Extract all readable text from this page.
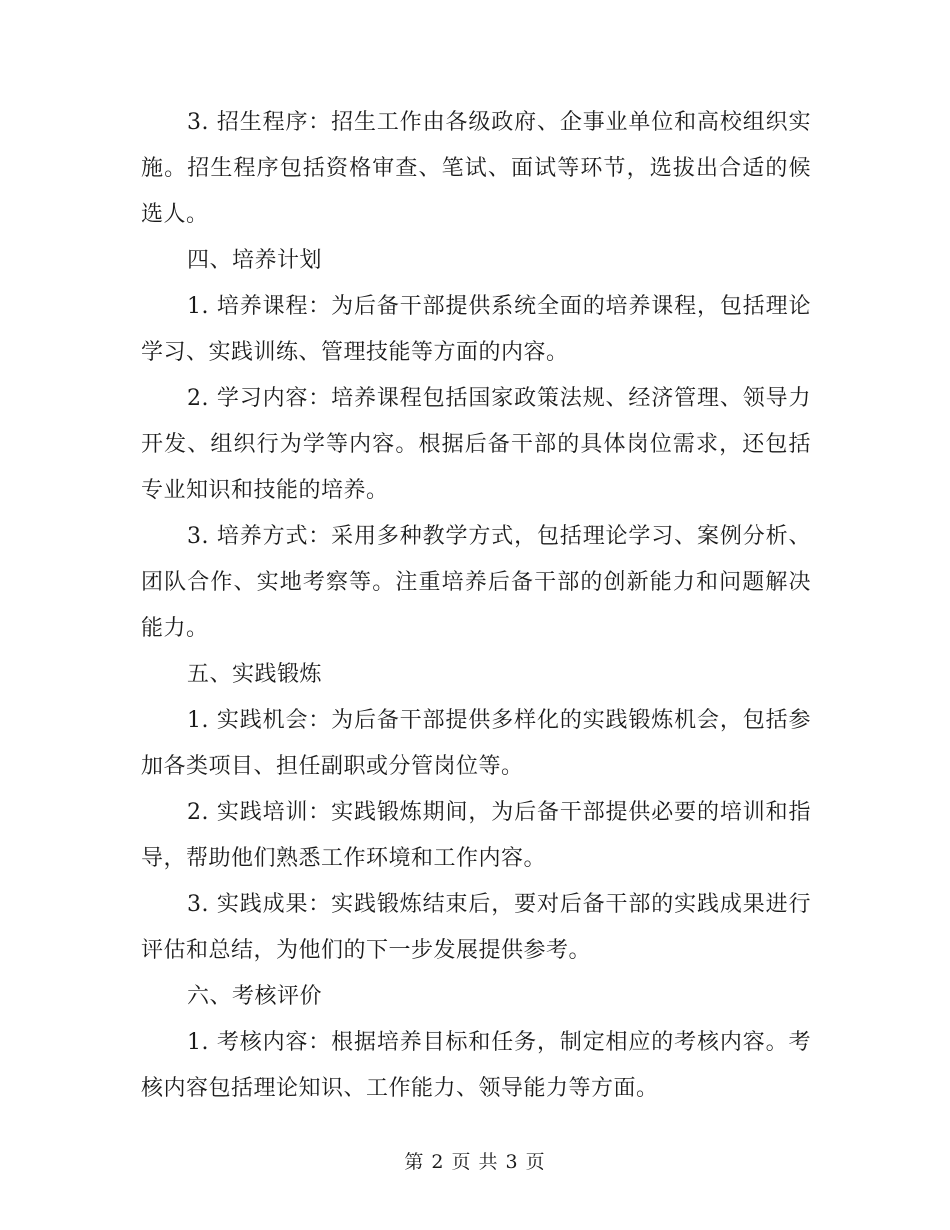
3. 招生程序：招生工作由各级政府、企事业单位和高校组织实施。招生程序包括资格审查、笔试、面试等环节，选拔出合适的候选人。

四、培养计划

1. 培养课程：为后备干部提供系统全面的培养课程，包括理论学习、实践训练、管理技能等方面的内容。

2. 学习内容：培养课程包括国家政策法规、经济管理、领导力开发、组织行为学等内容。根据后备干部的具体岗位需求，还包括专业知识和技能的培养。

3. 培养方式：采用多种教学方式，包括理论学习、案例分析、团队合作、实地考察等。注重培养后备干部的创新能力和问题解决能力。

五、实践锻炼

1. 实践机会：为后备干部提供多样化的实践锻炼机会，包括参加各类项目、担任副职或分管岗位等。

2. 实践培训：实践锻炼期间，为后备干部提供必要的培训和指导，帮助他们熟悉工作环境和工作内容。

3. 实践成果：实践锻炼结束后，要对后备干部的实践成果进行评估和总结，为他们的下一步发展提供参考。

六、考核评价

1. 考核内容：根据培养目标和任务，制定相应的考核内容。考核内容包括理论知识、工作能力、领导能力等方面。

第 2 页 共 3 页
